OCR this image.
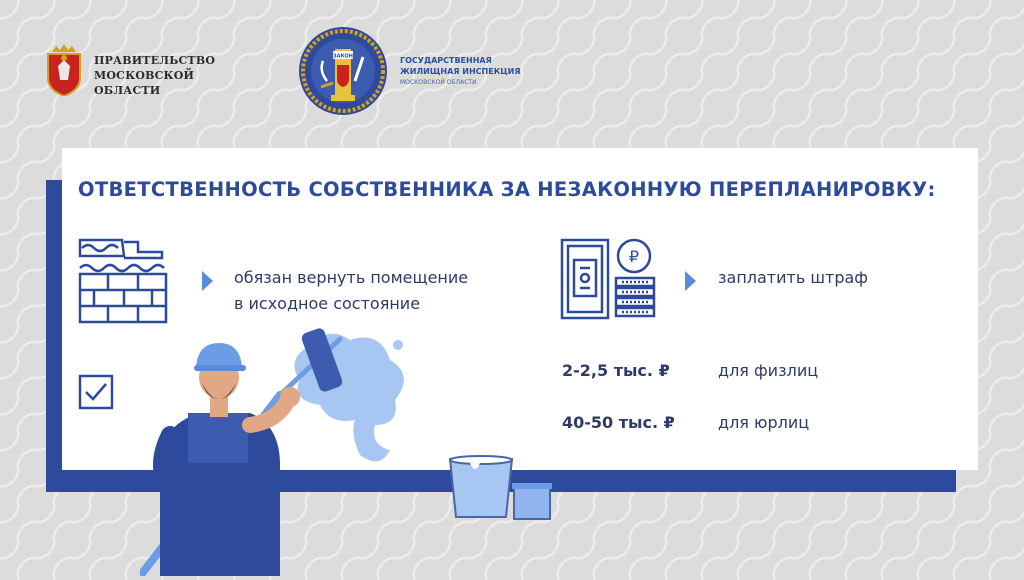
ПРАВИТЕЛЬСТВО
МОСКОВСКОЙ
ОБЛАСТИ
ЗАКОН	ГОСУДАРСТВЕННАЯ
ЖИЛИЩНАЯ ИНСПЕКЦИЯ
МОСКОВСКОЙ ОБЛАСТИ
ОТВЕТСТВЕННОСТЬ СОБСТВЕННИКА ЗА НЕЗАКОННУЮ ПЕРЕПЛАНИРОВКУ:
обязан вернуть помещение
в исходное состояние
₽
заплатить штраф
2-2,5 тыс. ₽	для физлиц
40-50 тыс. ₽	для юрлиц
